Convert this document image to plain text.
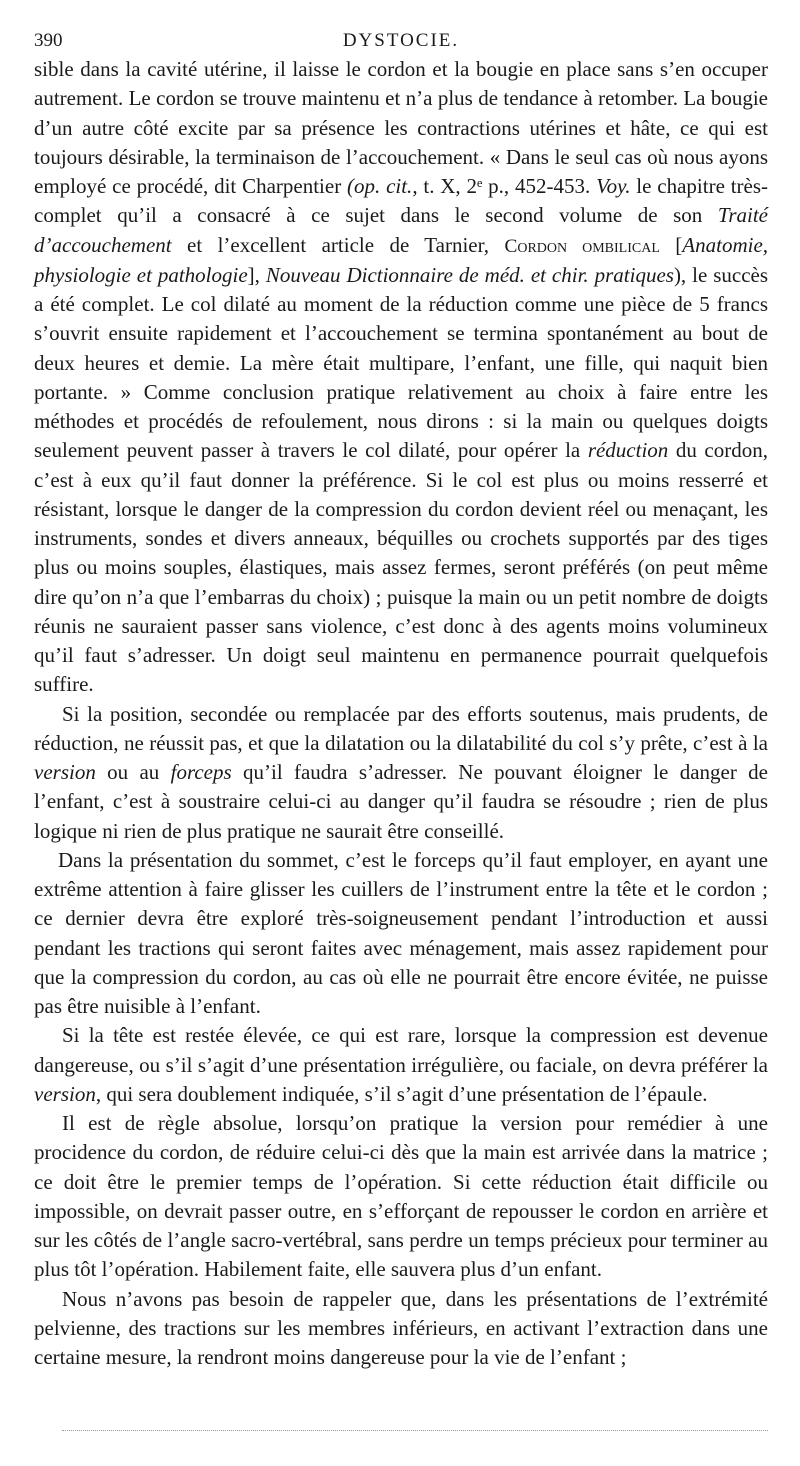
390	DYSTOCIE.

sible dans la cavité utérine, il laisse le cordon et la bougie en place sans s’en occuper autrement. Le cordon se trouve maintenu et n’a plus de tendance à retomber. La bougie d’un autre côté excite par sa présence les contractions utérines et hâte, ce qui est toujours désirable, la terminaison de l’accouchement. « Dans le seul cas où nous ayons employé ce procédé, dit Charpentier (op. cit., t. X, 2ᵉ p., 452-453. Voy. le chapitre très-complet qu’il a consacré à ce sujet dans le second volume de son Traité d’accouchement et l’excellent article de Tarnier, Cordon ombilical [Anatomie, physiologie et pathologie], Nouveau Dictionnaire de méd. et chir. pratiques), le succès a été complet. Le col dilaté au moment de la réduction comme une pièce de 5 francs s’ouvrit ensuite rapidement et l’accouchement se termina spontanément au bout de deux heures et demie. La mère était multipare, l’enfant, une fille, qui naquit bien portante. » Comme conclusion pratique relativement au choix à faire entre les méthodes et procédés de refoulement, nous dirons : si la main ou quelques doigts seulement peuvent passer à travers le col dilaté, pour opérer la réduction du cordon, c’est à eux qu’il faut donner la préférence. Si le col est plus ou moins resserré et résistant, lorsque le danger de la compression du cordon devient réel ou menaçant, les instruments, sondes et divers anneaux, béquilles ou crochets supportés par des tiges plus ou moins souples, élastiques, mais assez fermes, seront préférés (on peut même dire qu’on n’a que l’embarras du choix) ; puisque la main ou un petit nombre de doigts réunis ne sauraient passer sans violence, c’est donc à des agents moins volumineux qu’il faut s’adresser. Un doigt seul maintenu en permanence pourrait quelquefois suffire.

Si la position, secondée ou remplacée par des efforts soutenus, mais prudents, de réduction, ne réussit pas, et que la dilatation ou la dilatabilité du col s’y prête, c’est à la version ou au forceps qu’il faudra s’adresser. Ne pouvant éloigner le danger de l’enfant, c’est à soustraire celui-ci au danger qu’il faudra se résoudre ; rien de plus logique ni rien de plus pratique ne saurait être conseillé.

Dans la présentation du sommet, c’est le forceps qu’il faut employer, en ayant une extrême attention à faire glisser les cuillers de l’instrument entre la tête et le cordon ; ce dernier devra être exploré très-soigneusement pendant l’introduction et aussi pendant les tractions qui seront faites avec ménagement, mais assez rapidement pour que la compression du cordon, au cas où elle ne pourrait être encore évitée, ne puisse pas être nuisible à l’enfant.

Si la tête est restée élevée, ce qui est rare, lorsque la compression est devenue dangereuse, ou s’il s’agit d’une présentation irrégulière, ou faciale, on devra préférer la version, qui sera doublement indiquée, s’il s’agit d’une présentation de l’épaule.

Il est de règle absolue, lorsqu’on pratique la version pour remédier à une procidence du cordon, de réduire celui-ci dès que la main est arrivée dans la matrice ; ce doit être le premier temps de l’opération. Si cette réduction était difficile ou impossible, on devrait passer outre, en s’efforçant de repousser le cordon en arrière et sur les côtés de l’angle sacro-vertébral, sans perdre un temps précieux pour terminer au plus tôt l’opération. Habilement faite, elle sauvera plus d’un enfant.

Nous n’avons pas besoin de rappeler que, dans les présentations de l’extrémité pelvienne, des tractions sur les membres inférieurs, en activant l’extraction dans une certaine mesure, la rendront moins dangereuse pour la vie de l’enfant ;
